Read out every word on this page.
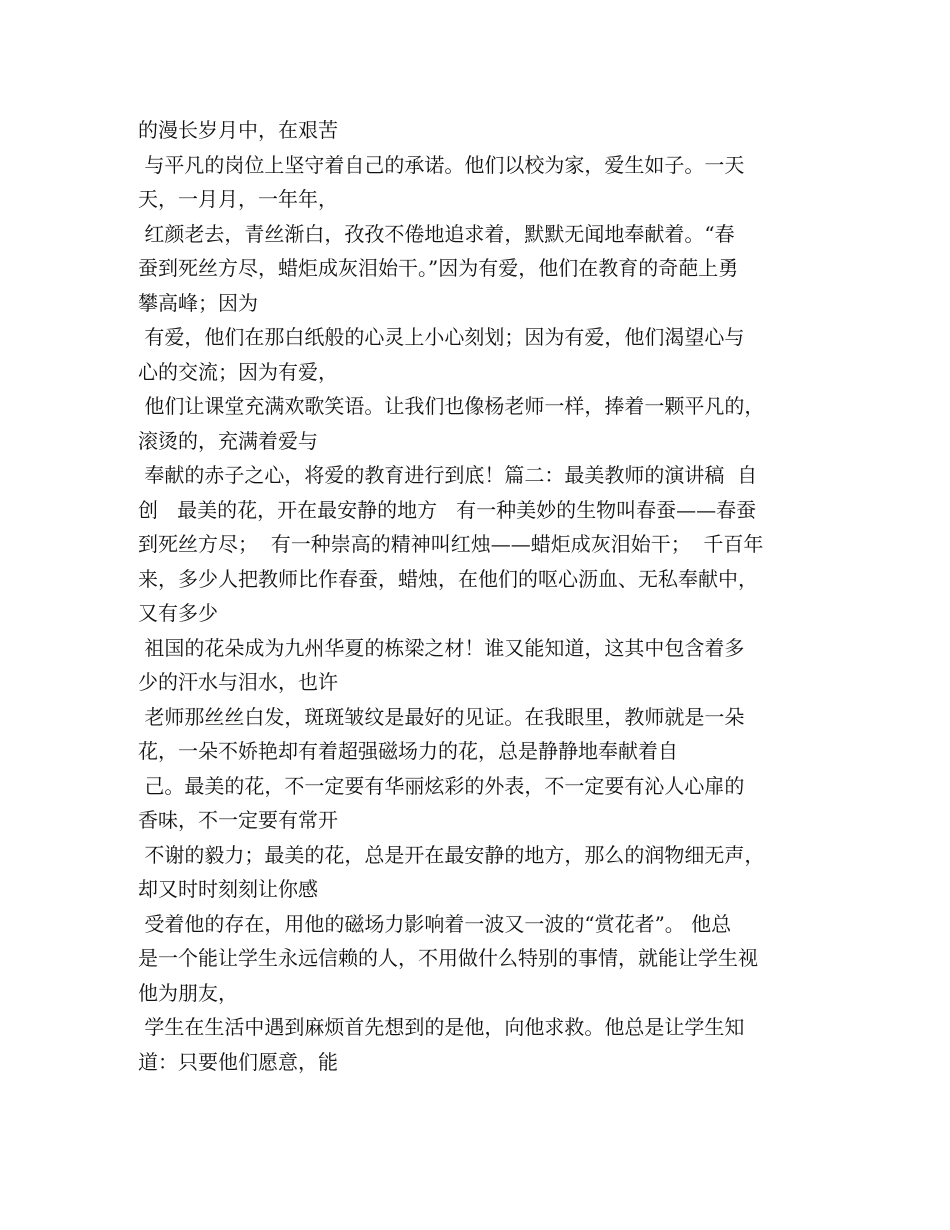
的漫长岁月中，在艰苦
与平凡的岗位上坚守着自己的承诺。他们以校为家，爱生如子。一天
天，一月月，一年年，
红颜老去，青丝渐白，孜孜不倦地追求着，默默无闻地奉献着。“春
蚕到死丝方尽，蜡炬成灰泪始干。”因为有爱，他们在教育的奇葩上勇
攀高峰；因为
有爱，他们在那白纸般的心灵上小心刻划；因为有爱，他们渴望心与
心的交流；因为有爱，
他们让课堂充满欢歌笑语。让我们也像杨老师一样，捧着一颗平凡的，
滚烫的，充满着爱与
奉献的赤子之心，将爱的教育进行到底！篇二：最美教师的演讲稿  自
创   最美的花，开在最安静的地方   有一种美妙的生物叫春蚕——春蚕
到死丝方尽；  有一种崇高的精神叫红烛——蜡炬成灰泪始干；  千百年
来，多少人把教师比作春蚕，蜡烛，在他们的呕心沥血、无私奉献中，
又有多少
祖国的花朵成为九州华夏的栋梁之材！谁又能知道，这其中包含着多
少的汗水与泪水，也许
老师那丝丝白发，斑斑皱纹是最好的见证。在我眼里，教师就是一朵
花，一朵不娇艳却有着超强磁场力的花，总是静静地奉献着自
己。最美的花，不一定要有华丽炫彩的外表，不一定要有沁人心扉的
香味，不一定要有常开
不谢的毅力；最美的花，总是开在最安静的地方，那么的润物细无声，
却又时时刻刻让你感
受着他的存在，用他的磁场力影响着一波又一波的“赏花者”。 他总
是一个能让学生永远信赖的人，不用做什么特别的事情，就能让学生视
他为朋友，
学生在生活中遇到麻烦首先想到的是他，向他求救。他总是让学生知
道：只要他们愿意，能
